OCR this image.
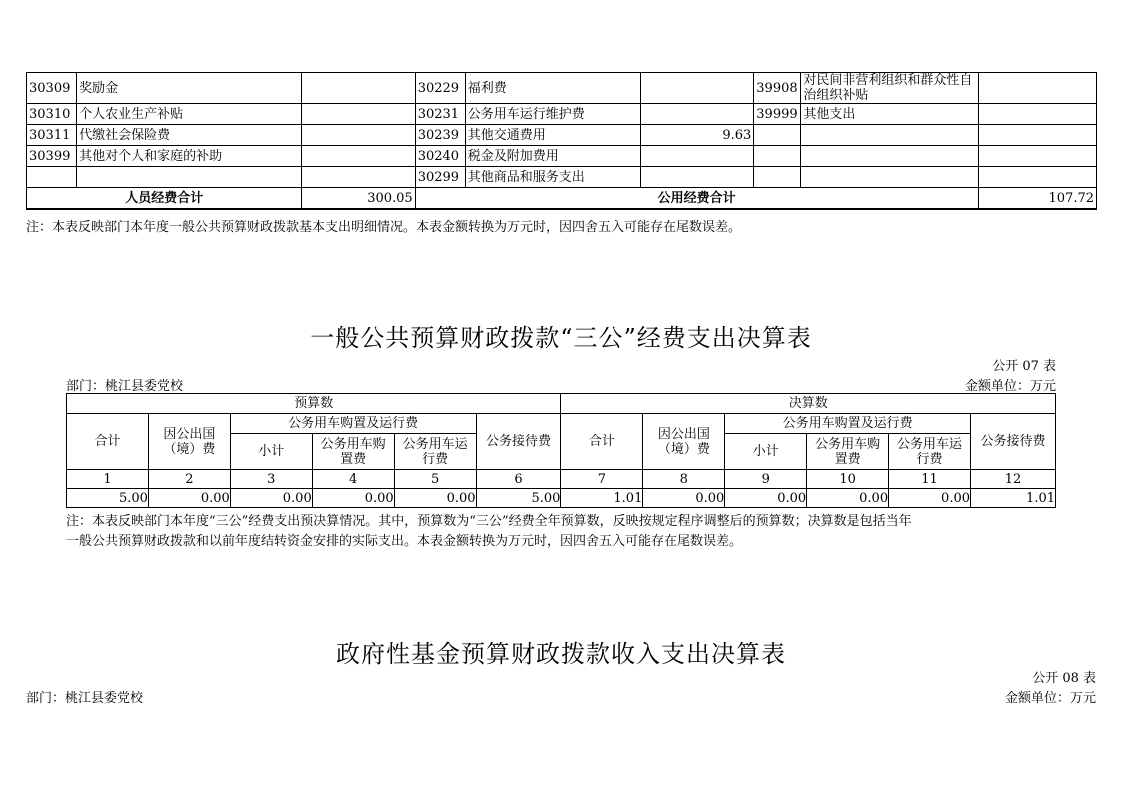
30309	奖励金		30229	福利费		39908	对民间非营利组织和群众性自治组织补贴	
30310	个人农业生产补贴		30231	公务用车运行维护费		39999	其他支出	
30311	代缴社会保险费		30239	其他交通费用	9.63			
30399	其他对个人和家庭的补助		30240	税金及附加费用				
			30299	其他商品和服务支出				
人员经费合计		300.05	公用经费合计					107.72
注：本表反映部门本年度一般公共预算财政拨款基本支出明细情况。本表金额转换为万元时，因四舍五入可能存在尾数误差。
一般公共预算财政拨款“三公”经费支出决算表
公开 07 表
部门：桃江县委党校	金额单位：万元
预算数						决算数					
合计	因公出国（境）费	公务用车购置及运行费			公务接待费	合计	因公出国（境）费	公务用车购置及运行费			公务接待费
		小计	公务用车购置费	公务用车运行费				小计	公务用车购置费	公务用车运行费	
1	2	3	4	5	6	7	8	9	10	11	12
5.00	0.00	0.00	0.00	0.00	5.00	1.01	0.00	0.00	0.00	0.00	1.01
注：本表反映部门本年度“三公”经费支出预决算情况。其中，预算数为“三公”经费全年预算数，反映按规定程序调整后的预算数；决算数是包括当年
一般公共预算财政拨款和以前年度结转资金安排的实际支出。本表金额转换为万元时，因四舍五入可能存在尾数误差。
政府性基金预算财政拨款收入支出决算表
公开 08 表
部门：桃江县委党校	金额单位：万元
